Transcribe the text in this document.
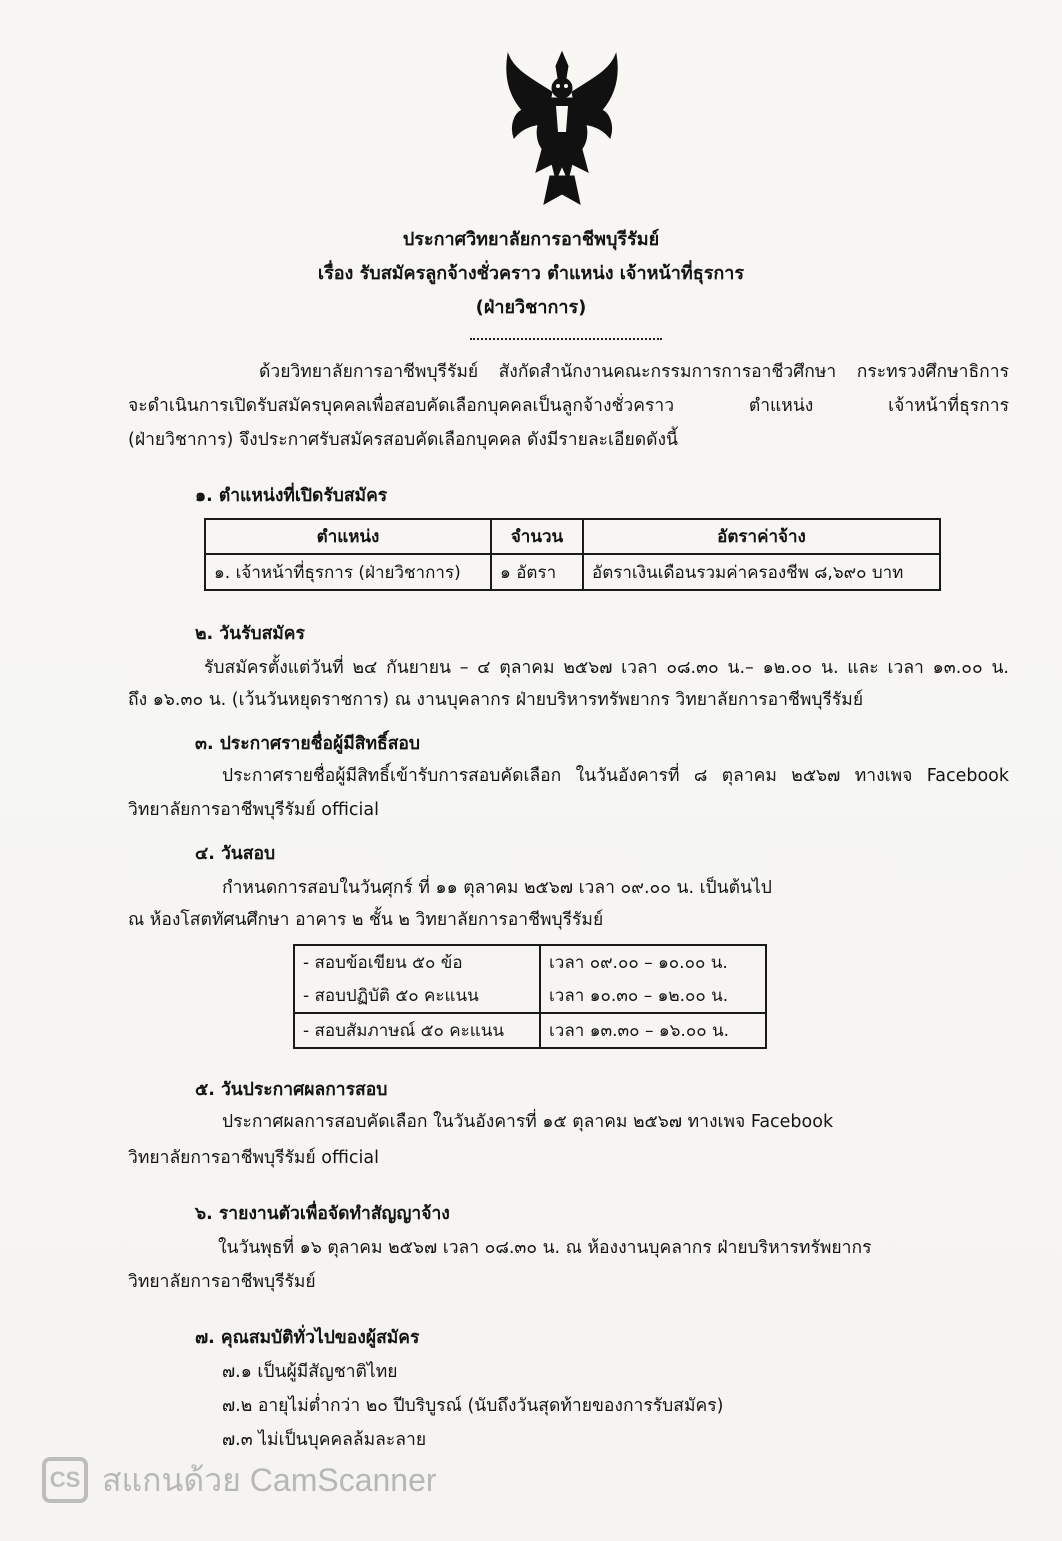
ประกาศวิทยาลัยการอาชีพบุรีรัมย์
เรื่อง รับสมัครลูกจ้างชั่วคราว ตำแหน่ง เจ้าหน้าที่ธุรการ
(ฝ่ายวิชาการ)
ด้วยวิทยาลัยการอาชีพบุรีรัมย์ สังกัดสำนักงานคณะกรรมการการอาชีวศึกษา กระทรวงศึกษาธิการ
จะดำเนินการเปิดรับสมัครบุคคลเพื่อสอบคัดเลือกบุคคลเป็นลูกจ้างชั่วคราว ตำแหน่ง เจ้าหน้าที่ธุรการ
(ฝ่ายวิชาการ) จึงประกาศรับสมัครสอบคัดเลือกบุคคล ดังมีรายละเอียดดังนี้
๑. ตำแหน่งที่เปิดรับสมัคร
ตำแหน่ง	จำนวน	อัตราค่าจ้าง
๑. เจ้าหน้าที่ธุรการ (ฝ่ายวิชาการ)	๑ อัตรา	อัตราเงินเดือนรวมค่าครองชีพ ๘,๖๙๐ บาท
๒. วันรับสมัคร
รับสมัครตั้งแต่วันที่ ๒๔ กันยายน – ๔ ตุลาคม ๒๕๖๗ เวลา ๐๘.๓๐ น.– ๑๒.๐๐ น. และ เวลา ๑๓.๐๐ น.
ถึง ๑๖.๓๐ น. (เว้นวันหยุดราชการ) ณ งานบุคลากร ฝ่ายบริหารทรัพยากร วิทยาลัยการอาชีพบุรีรัมย์
๓. ประกาศรายชื่อผู้มีสิทธิ์สอบ
ประกาศรายชื่อผู้มีสิทธิ์เข้ารับการสอบคัดเลือก ในวันอังคารที่ ๘ ตุลาคม ๒๕๖๗ ทางเพจ Facebook
วิทยาลัยการอาชีพบุรีรัมย์ official
๔. วันสอบ
กำหนดการสอบในวันศุกร์ ที่ ๑๑ ตุลาคม ๒๕๖๗ เวลา ๐๙.๐๐ น. เป็นต้นไป
ณ ห้องโสตทัศนศึกษา อาคาร ๒ ชั้น ๒ วิทยาลัยการอาชีพบุรีรัมย์
- สอบข้อเขียน ๕๐ ข้อ	เวลา ๐๙.๐๐ – ๑๐.๐๐ น.
- สอบปฏิบัติ ๕๐ คะแนน	เวลา ๑๐.๓๐ – ๑๒.๐๐ น.
- สอบสัมภาษณ์ ๕๐ คะแนน	เวลา ๑๓.๓๐ – ๑๖.๐๐ น.
๕. วันประกาศผลการสอบ
ประกาศผลการสอบคัดเลือก ในวันอังคารที่ ๑๕ ตุลาคม ๒๕๖๗ ทางเพจ Facebook
วิทยาลัยการอาชีพบุรีรัมย์ official
๖. รายงานตัวเพื่อจัดทำสัญญาจ้าง
ในวันพุธที่ ๑๖ ตุลาคม ๒๕๖๗ เวลา ๐๘.๓๐ น. ณ ห้องงานบุคลากร ฝ่ายบริหารทรัพยากร
วิทยาลัยการอาชีพบุรีรัมย์
๗. คุณสมบัติทั่วไปของผู้สมัคร
๗.๑ เป็นผู้มีสัญชาติไทย
๗.๒ อายุไม่ต่ำกว่า ๒๐ ปีบริบูรณ์ (นับถึงวันสุดท้ายของการรับสมัคร)
๗.๓ ไม่เป็นบุคคลล้มละลาย
CS สแกนด้วย CamScanner
